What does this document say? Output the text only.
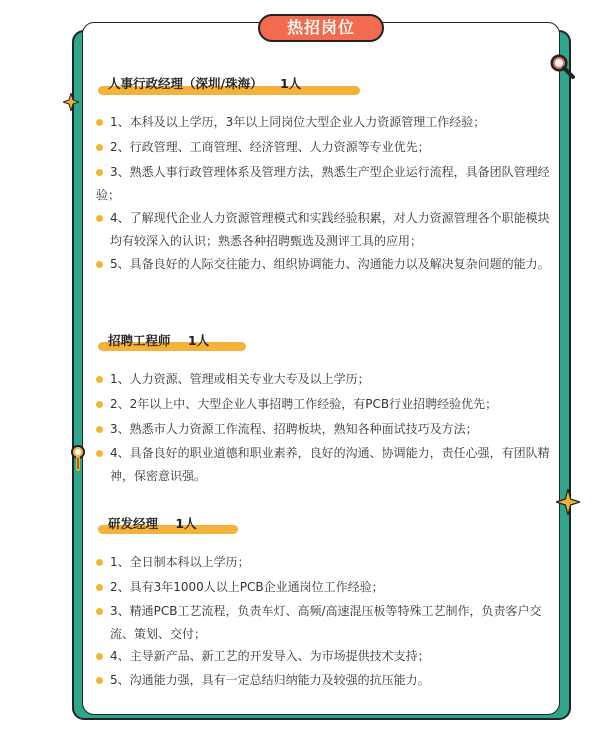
热招岗位
人事行政经理（深圳/珠海）    1人
1、本科及以上学历，3年以上同岗位大型企业人力资源管理工作经验；
2、行政管理、工商管理、经济管理、人力资源等专业优先；
3、熟悉人事行政管理体系及管理方法，熟悉生产型企业运行流程，具备团队管理经验；
4、了解现代企业人力资源管理模式和实践经验积累，对人力资源管理各个职能模块均有较深入的认识；熟悉各种招聘甄选及测评工具的应用；
5、具备良好的人际交往能力、组织协调能力、沟通能力以及解决复杂问题的能力。
招聘工程师    1人
1、人力资源、管理或相关专业大专及以上学历；
2、2年以上中、大型企业人事招聘工作经验，有PCB行业招聘经验优先；
3、熟悉市人力资源工作流程、招聘板块，熟知各种面试技巧及方法；
4、具备良好的职业道德和职业素养，良好的沟通、协调能力，责任心强，有团队精神，保密意识强。
研发经理    1人
1、全日制本科以上学历；
2、具有3年1000人以上PCB企业通岗位工作经验；
3、精通PCB工艺流程，负责车灯、高频/高速混压板等特殊工艺制作，负责客户交流、策划、交付；
4、主导新产品、新工艺的开发导入、为市场提供技术支持；
5、沟通能力强，具有一定总结归纳能力及较强的抗压能力。
